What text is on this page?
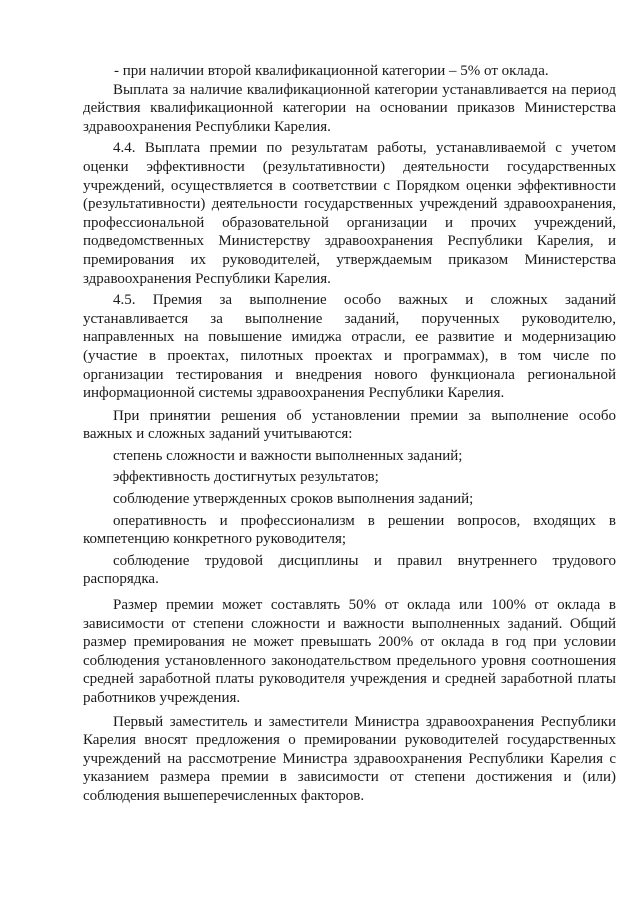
- при наличии второй квалификационной категории – 5% от оклада.

Выплата за наличие квалификационной категории устанавливается на период действия квалификационной категории на основании приказов Министерства здравоохранения Республики Карелия.

4.4. Выплата премии по результатам работы, устанавливаемой с учетом оценки эффективности (результативности) деятельности государственных учреждений, осуществляется в соответствии с Порядком оценки эффективности (результативности) деятельности государственных учреждений здравоохранения, профессиональной образовательной организации и прочих учреждений, подведомственных Министерству здравоохранения Республики Карелия, и премирования их руководителей, утверждаемым приказом Министерства здравоохранения Республики Карелия.

4.5. Премия за выполнение особо важных и сложных заданий устанавливается за выполнение заданий, порученных руководителю, направленных на повышение имиджа отрасли, ее развитие и модернизацию (участие в проектах, пилотных проектах и программах), в том числе по организации тестирования и внедрения нового функционала региональной информационной системы здравоохранения Республики Карелия.

При принятии решения об установлении премии за выполнение особо важных и сложных заданий учитываются:

степень сложности и важности выполненных заданий;

эффективность достигнутых результатов;

соблюдение утвержденных сроков выполнения заданий;

оперативность и профессионализм в решении вопросов, входящих в компетенцию конкретного руководителя;

соблюдение трудовой дисциплины и правил внутреннего трудового распорядка.

Размер премии может составлять 50% от оклада или 100% от оклада в зависимости от степени сложности и важности выполненных заданий. Общий размер премирования не может превышать 200% от оклада в год при условии соблюдения установленного законодательством предельного уровня соотношения средней заработной платы руководителя учреждения и средней заработной платы работников учреждения.

Первый заместитель и заместители Министра здравоохранения Республики Карелия вносят предложения о премировании руководителей государственных учреждений на рассмотрение Министра здравоохранения Республики Карелия с указанием размера премии в зависимости от степени достижения и (или) соблюдения вышеперечисленных факторов.
